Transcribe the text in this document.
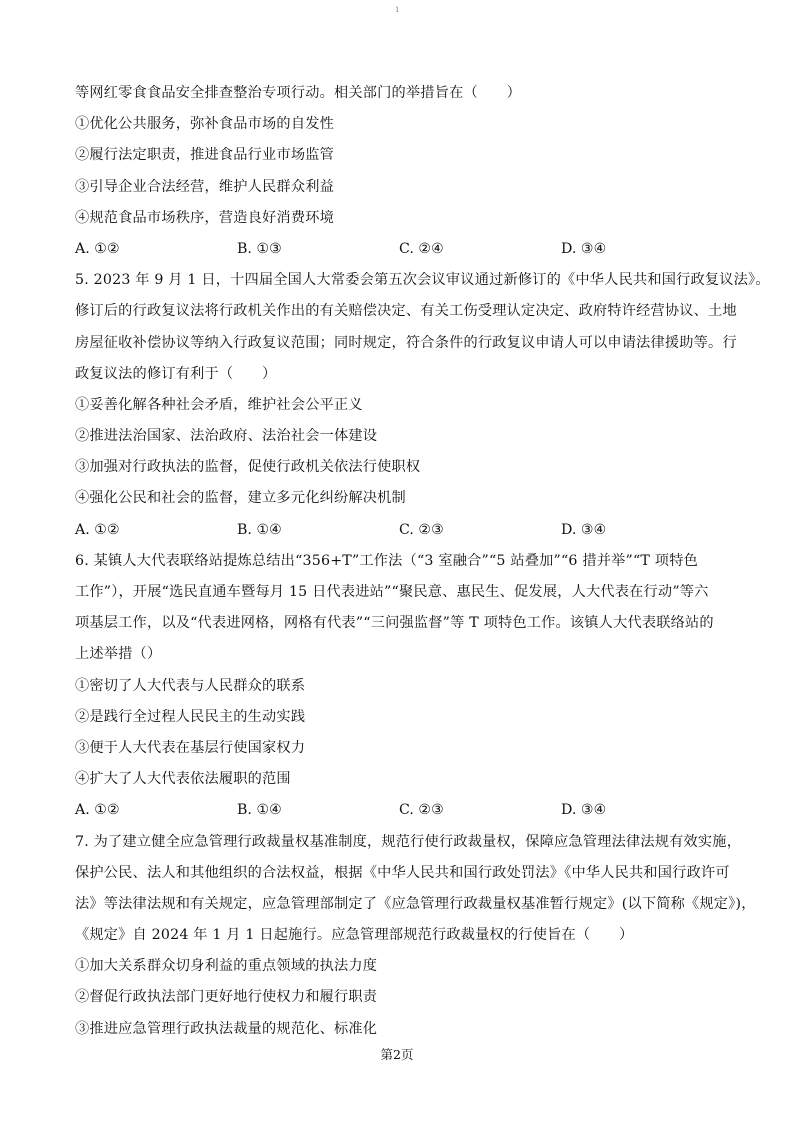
1
等网红零食食品安全排查整治专项行动。相关部门的举措旨在（　　）
①优化公共服务，弥补食品市场的自发性
②履行法定职责，推进食品行业市场监管
③引导企业合法经营，维护人民群众利益
④规范食品市场秩序，营造良好消费环境
A. ①②	B. ①③	C. ②④	D. ③④
5. 2023 年 9 月 1 日，十四届全国人大常委会第五次会议审议通过新修订的《中华人民共和国行政复议法》。
修订后的行政复议法将行政机关作出的有关赔偿决定、有关工伤受理认定决定、政府特许经营协议、土地
房屋征收补偿协议等纳入行政复议范围；同时规定，符合条件的行政复议申请人可以申请法律援助等。行
政复议法的修订有利于（　　）
①妥善化解各种社会矛盾，维护社会公平正义
②推进法治国家、法治政府、法治社会一体建设
③加强对行政执法的监督，促使行政机关依法行使职权
④强化公民和社会的监督，建立多元化纠纷解决机制
A. ①②	B. ①④	C. ②③	D. ③④
6. 某镇人大代表联络站提炼总结出“356+T”工作法（“3 室融合”“5 站叠加”“6 措并举”“T 项特色
工作”），开展“选民直通车暨每月 15 日代表进站”“聚民意、惠民生、促发展，人大代表在行动”等六
项基层工作，以及“代表进网格，网格有代表”“三问强监督”等 T 项特色工作。该镇人大代表联络站的
上述举措（）
①密切了人大代表与人民群众的联系
②是践行全过程人民民主的生动实践
③便于人大代表在基层行使国家权力
④扩大了人大代表依法履职的范围
A. ①②	B. ①④	C. ②③	D. ③④
7. 为了建立健全应急管理行政裁量权基准制度，规范行使行政裁量权，保障应急管理法律法规有效实施，
保护公民、法人和其他组织的合法权益，根据《中华人民共和国行政处罚法》《中华人民共和国行政许可
法》等法律法规和有关规定，应急管理部制定了《应急管理行政裁量权基准暂行规定》(以下简称《规定》)，
《规定》自 2024 年 1 月 1 日起施行。应急管理部规范行政裁量权的行使旨在（　　）
①加大关系群众切身利益的重点领域的执法力度
②督促行政执法部门更好地行使权力和履行职责
③推进应急管理行政执法裁量的规范化、标准化
第2页
